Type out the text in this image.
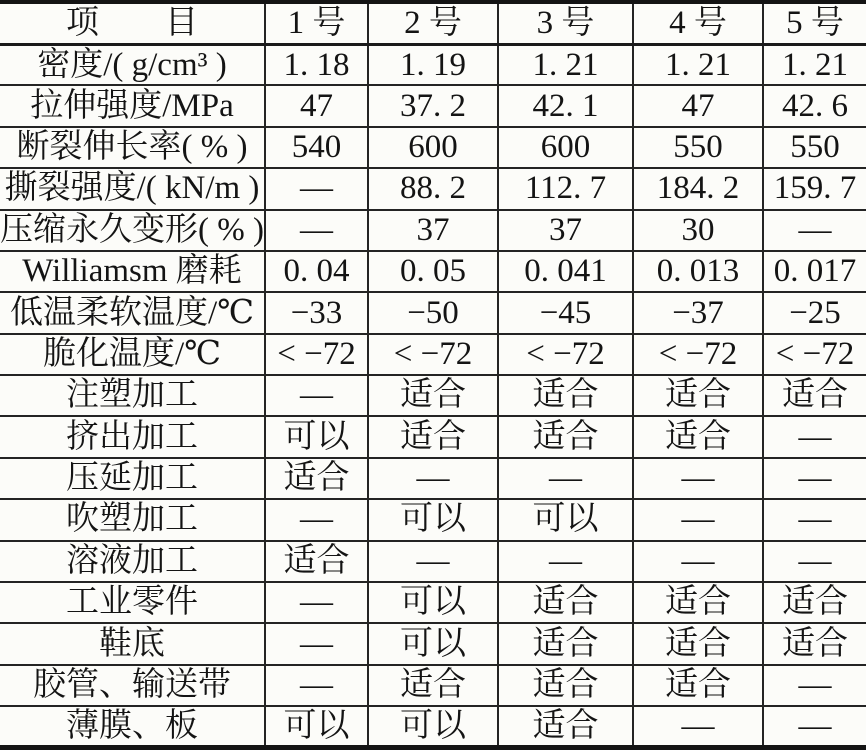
项　　目	1 号	2 号	3 号	4 号	5 号
密度/( g/cm³ )	1. 18	1. 19	1. 21	1. 21	1. 21
拉伸强度/MPa	47	37. 2	42. 1	47	42. 6
断裂伸长率( % )	540	600	600	550	550
撕裂强度/( kN/m )	—	88. 2	112. 7	184. 2	159. 7
压缩永久变形( % )	—	37	37	30	—
Williamsm 磨耗	0. 04	0. 05	0. 041	0. 013	0. 017
低温柔软温度/℃	−33	−50	−45	−37	−25
脆化温度/℃	< −72	< −72	< −72	< −72	< −72
注塑加工	—	适合	适合	适合	适合
挤出加工	可以	适合	适合	适合	—
压延加工	适合	—	—	—	—
吹塑加工	—	可以	可以	—	—
溶液加工	适合	—	—	—	—
工业零件	—	可以	适合	适合	适合
鞋底	—	可以	适合	适合	适合
胶管、输送带	—	适合	适合	适合	—
薄膜、板	可以	可以	适合	—	—
